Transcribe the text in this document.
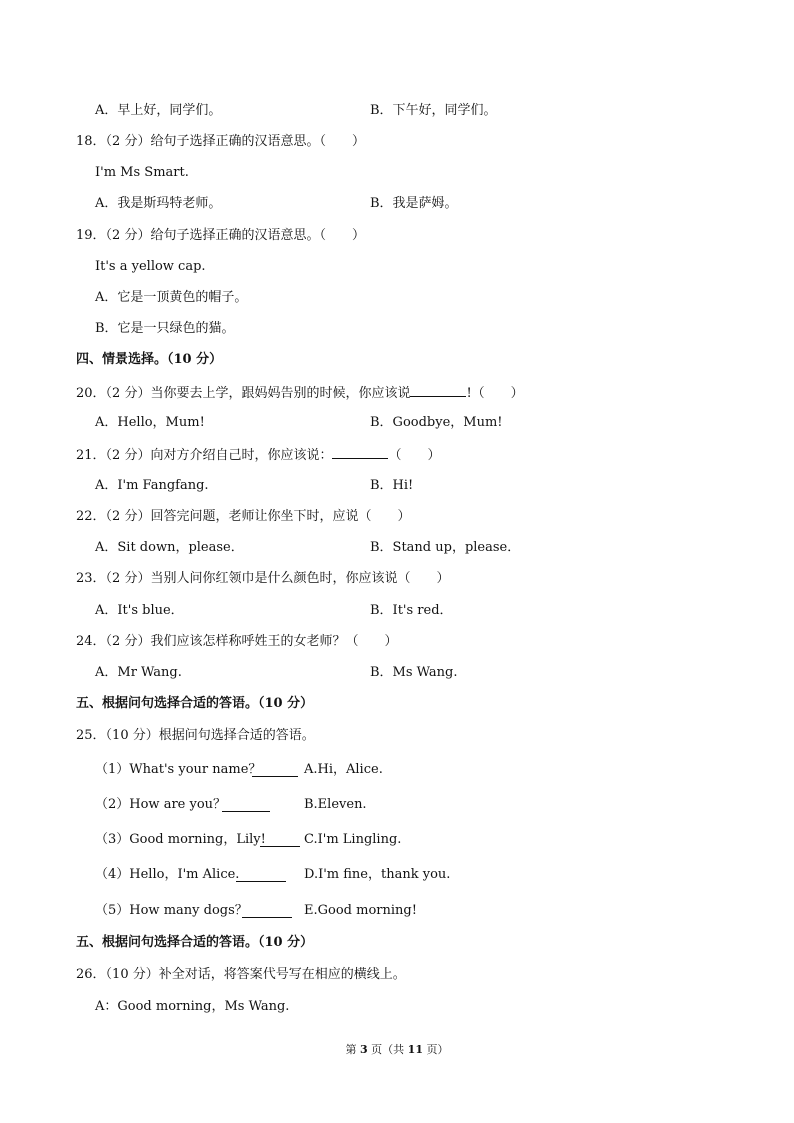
A．早上好，同学们。	B．下午好，同学们。
18．（2 分）给句子选择正确的汉语意思。（　　）
I'm Ms Smart.
A．我是斯玛特老师。	B．我是萨姆。
19．（2 分）给句子选择正确的汉语意思。（　　）
It's a yellow cap.
A．它是一顶黄色的帽子。
B．它是一只绿色的猫。
四、情景选择。（10 分）
20．（2 分）当你要去上学，跟妈妈告别的时候，你应该说	!（　　）
A．Hello，Mum!	B．Goodbye，Mum!
21．（2 分）向对方介绍自己时，你应该说：	（　　）
A．I'm Fangfang.	B．Hi!
22．（2 分）回答完问题，老师让你坐下时，应说（　　）
A．Sit down，please．	B．Stand up，please．
23．（2 分）当别人问你红领巾是什么颜色时，你应该说（　　）
A．It's blue．	B．It's red．
24．（2 分）我们应该怎样称呼姓王的女老师？（　　）
A．Mr Wang.	B．Ms Wang.
五、根据问句选择合适的答语。（10 分）
25．（10 分）根据问句选择合适的答语。
（1）What's your name？	A.Hi，Alice.
（2）How are you？	B.Eleven.
（3）Good morning，Lily!	C.I'm Lingling.
（4）Hello，I'm Alice.	D.I'm fine，thank you.
（5）How many dogs？	E.Good morning!
五、根据问句选择合适的答语。（10 分）
26．（10 分）补全对话，将答案代号写在相应的横线上。
A：Good morning，Ms Wang.
第 3 页（共 11 页）
